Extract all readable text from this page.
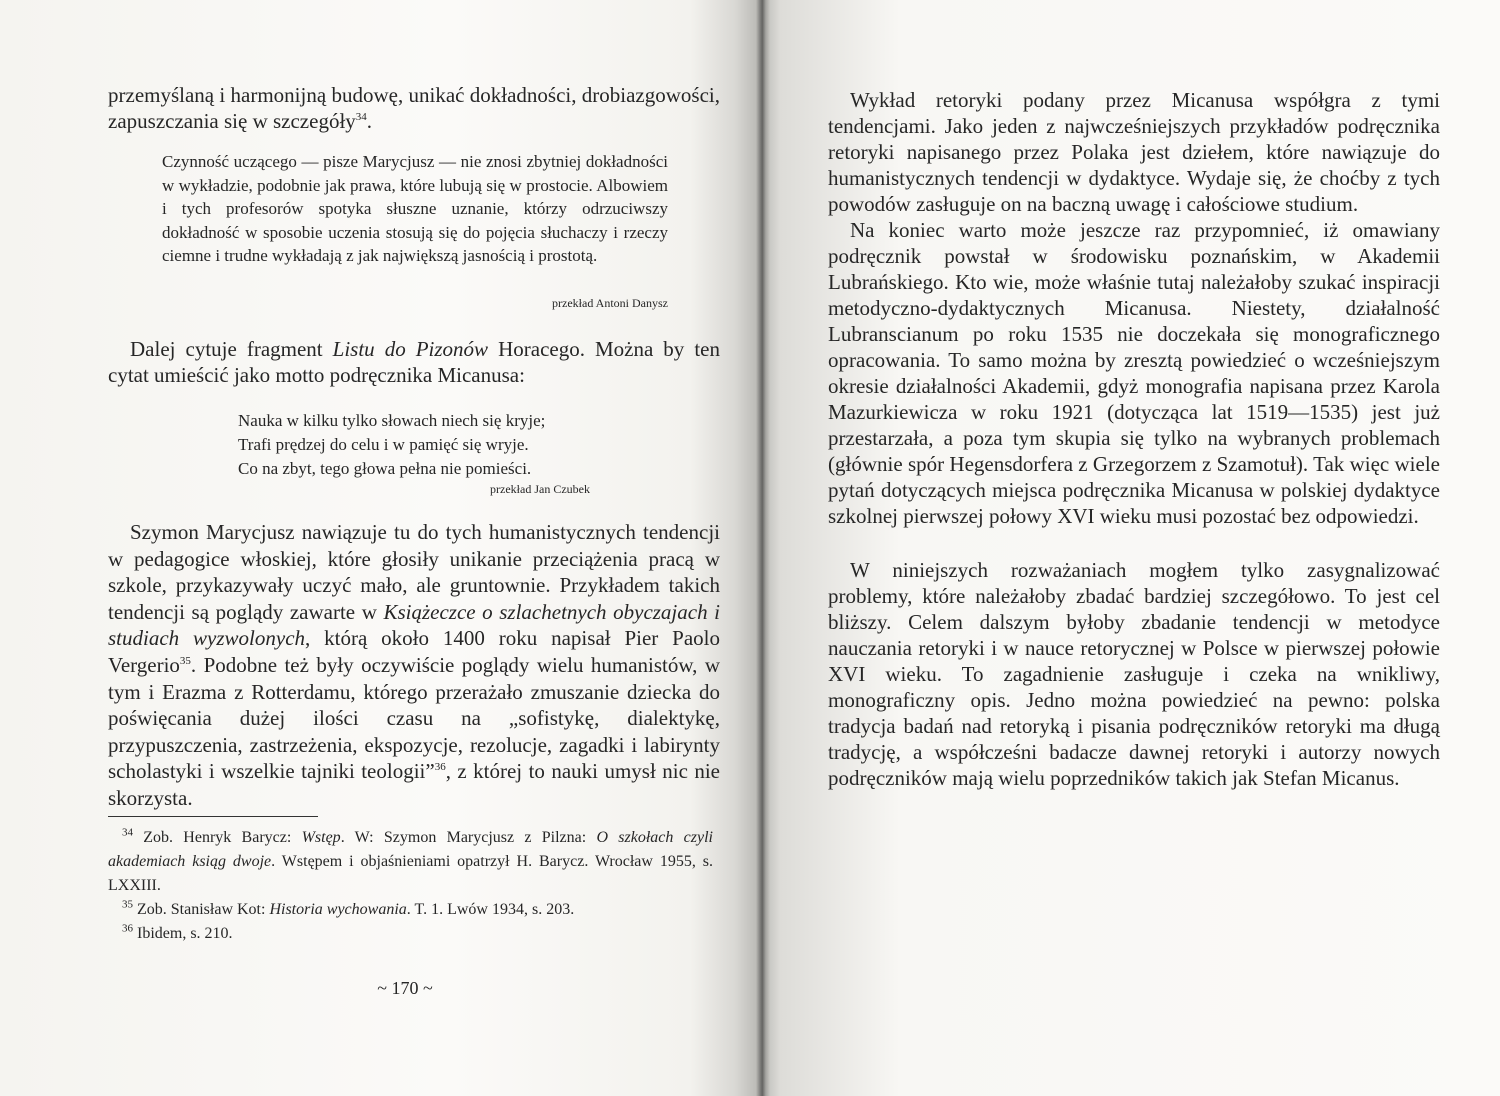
przemyślaną i harmonijną budowę, unikać dokładności, drobiazgowości, zapuszczania się w szczegóły$^{34}$.

Czynność uczącego — pisze Marycjusz — nie znosi zbytniej dokładności w wykładzie, podobnie jak prawa, które lubują się w prostocie. Albowiem i tych profesorów spotyka słuszne uznanie, którzy odrzuciwszy dokładność w sposobie uczenia stosują się do pojęcia słuchaczy i rzeczy ciemne i trudne wykładają z jak największą jasnością i prostotą.

przekład Antoni Danysz

Dalej cytuje fragment Listu do Pizonów Horacego. Można by ten cytat umieścić jako motto podręcznika Micanusa:

Nauka w kilku tylko słowach niech się kryje;
Trafi prędzej do celu i w pamięć się wryje.
Co na zbyt, tego głowa pełna nie pomieści.

przekład Jan Czubek

Szymon Marycjusz nawiązuje tu do tych humanistycznych tendencji w pedagogice włoskiej, które głosiły unikanie przeciążenia pracą w szkole, przykazywały uczyć mało, ale gruntownie. Przykładem takich tendencji są poglądy zawarte w Książeczce o szlachetnych obyczajach i studiach wyzwolonych, którą około 1400 roku napisał Pier Paolo Vergerio$^{35}$. Podobne też były oczywiście poglądy wielu humanistów, w tym i Erazma z Rotterdamu, którego przerażało zmuszanie dziecka do poświęcania dużej ilości czasu na „sofistykę, dialektykę, przypuszczenia, zastrzeżenia, ekspozycje, rezolucje, zagadki i labirynty scholastyki i wszelkie tajniki teologii”$^{36}$, z której to nauki umysł nic nie skorzysta.

$^{34}$ Zob. Henryk Barycz: Wstęp. W: Szymon Marycjusz z Pilzna: O szkołach czyli akademiach ksiąg dwoje. Wstępem i objaśnieniami opatrzył H. Barycz. Wrocław 1955, s. LXXIII.

$^{35}$ Zob. Stanisław Kot: Historia wychowania. T. 1. Lwów 1934, s. 203.

$^{36}$ Ibidem, s. 210.

~ 170 ~

Wykład retoryki podany przez Micanusa współgra z tymi tendencjami. Jako jeden z najwcześniejszych przykładów podręcznika retoryki napisanego przez Polaka jest dziełem, które nawiązuje do humanistycznych tendencji w dydaktyce. Wydaje się, że choćby z tych powodów zasługuje on na baczną uwagę i całościowe studium.

Na koniec warto może jeszcze raz przypomnieć, iż omawiany podręcznik powstał w środowisku poznańskim, w Akademii Lubrańskiego. Kto wie, może właśnie tutaj należałoby szukać inspiracji metodyczno-dydaktycznych Micanusa. Niestety, działalność Lubranscianum po roku 1535 nie doczekała się monograficznego opracowania. To samo można by zresztą powiedzieć o wcześniejszym okresie działalności Akademii, gdyż monografia napisana przez Karola Mazurkiewicza w roku 1921 (dotycząca lat 1519—1535) jest już przestarzała, a poza tym skupia się tylko na wybranych problemach (głównie spór Hegensdorfera z Grzegorzem z Szamotuł). Tak więc wiele pytań dotyczących miejsca podręcznika Micanusa w polskiej dydaktyce szkolnej pierwszej połowy XVI wieku musi pozostać bez odpowiedzi.

W niniejszych rozważaniach mogłem tylko zasygnalizować problemy, które należałoby zbadać bardziej szczegółowo. To jest cel bliższy. Celem dalszym byłoby zbadanie tendencji w metodyce nauczania retoryki i w nauce retorycznej w Polsce w pierwszej połowie XVI wieku. To zagadnienie zasługuje i czeka na wnikliwy, monograficzny opis. Jedno można powiedzieć na pewno: polska tradycja badań nad retoryką i pisania podręczników retoryki ma długą tradycję, a współcześni badacze dawnej retoryki i autorzy nowych podręczników mają wielu poprzedników takich jak Stefan Micanus.
